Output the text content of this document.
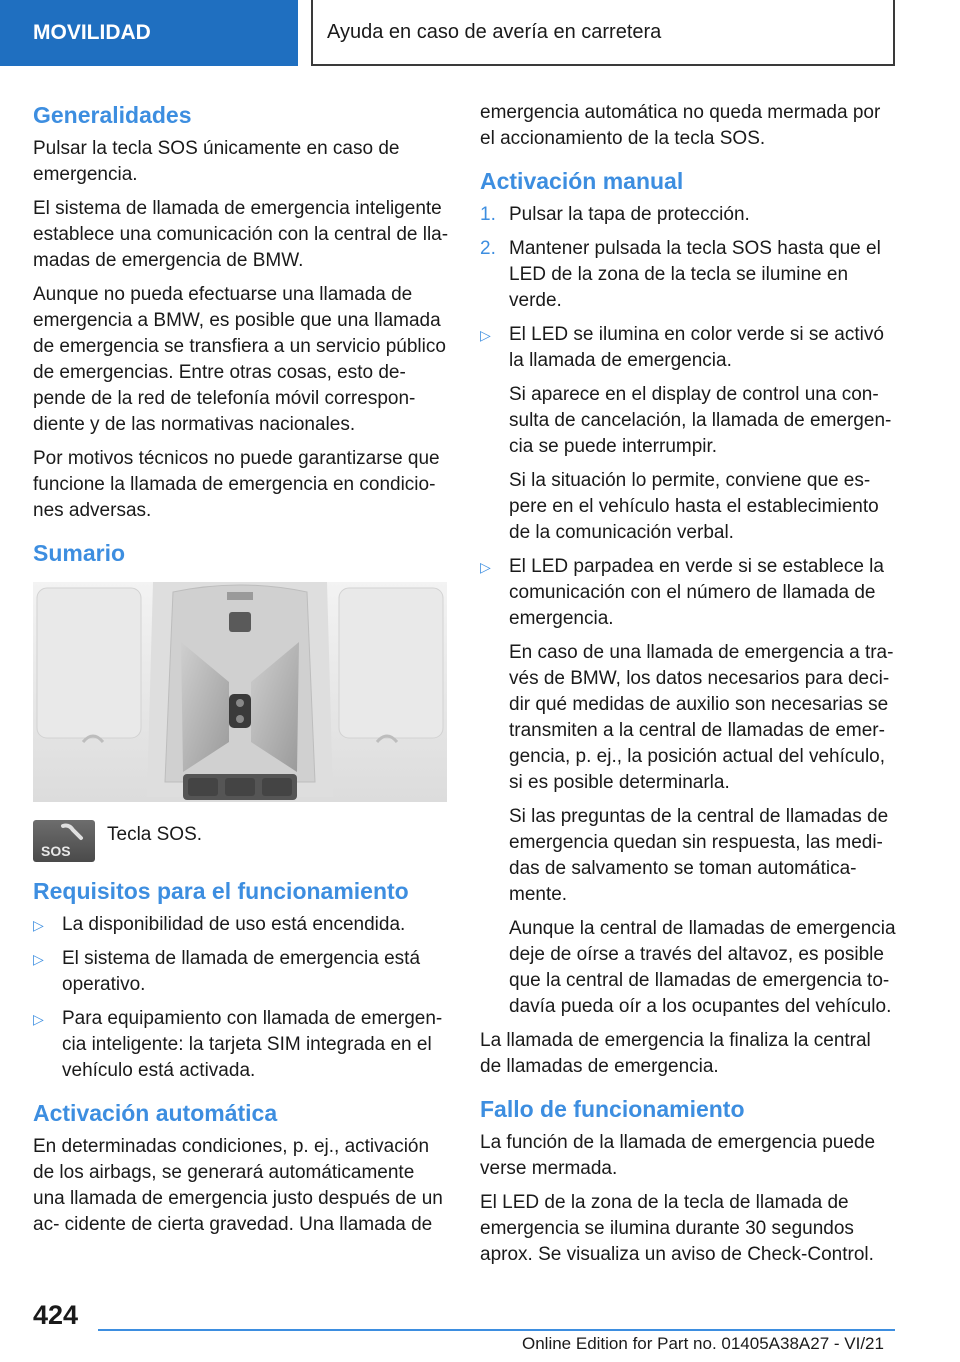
MOVILIDAD	Ayuda en caso de avería en carretera
Generalidades

Pulsar la tecla SOS únicamente en caso de emergencia.

El sistema de llamada de emergencia inteligente establece una comunicación con la central de lla- madas de emergencia de BMW.

Aunque no pueda efectuarse una llamada de emergencia a BMW, es posible que una llamada de emergencia se transfiera a un servicio público de emergencias. Entre otras cosas, esto de- pende de la red de telefonía móvil correspon- diente y de las normativas nacionales.

Por motivos técnicos no puede garantizarse que funcione la llamada de emergencia en condicio- nes adversas.

Sumario
SOS
Tecla SOS.
Requisitos para el funcionamiento
▷ La disponibilidad de uso está encendida.
▷ El sistema de llamada de emergencia está operativo.
▷ Para equipamiento con llamada de emergen- cia inteligente: la tarjeta SIM integrada en el vehículo está activada.
Activación automática

En determinadas condiciones, p. ej., activación de los airbags, se generará automáticamente una llamada de emergencia justo después de un ac- cidente de cierta gravedad. Una llamada de

emergencia automática no queda mermada por el accionamiento de la tecla SOS.

Activación manual
1. Pulsar la tapa de protección.
2. Mantener pulsada la tecla SOS hasta que el LED de la zona de la tecla se ilumine en verde.
▷ El LED se ilumina en color verde si se activó la llamada de emergencia.
Si aparece en el display de control una con- sulta de cancelación, la llamada de emergen- cia se puede interrumpir.
Si la situación lo permite, conviene que es- pere en el vehículo hasta el establecimiento de la comunicación verbal.
▷ El LED parpadea en verde si se establece la comunicación con el número de llamada de emergencia.
En caso de una llamada de emergencia a tra- vés de BMW, los datos necesarios para deci- dir qué medidas de auxilio son necesarias se transmiten a la central de llamadas de emer- gencia, p. ej., la posición actual del vehículo, si es posible determinarla.
Si las preguntas de la central de llamadas de emergencia quedan sin respuesta, las medi- das de salvamento se toman automática- mente.
Aunque la central de llamadas de emergencia deje de oírse a través del altavoz, es posible que la central de llamadas de emergencia to- davía pueda oír a los ocupantes del vehículo.

La llamada de emergencia la finaliza la central de llamadas de emergencia.

Fallo de funcionamiento

La función de la llamada de emergencia puede verse mermada.

El LED de la zona de la tecla de llamada de emergencia se ilumina durante 30 segundos aprox. Se visualiza un aviso de Check-Control.

424
Online Edition for Part no. 01405A38A27 - VI/21
